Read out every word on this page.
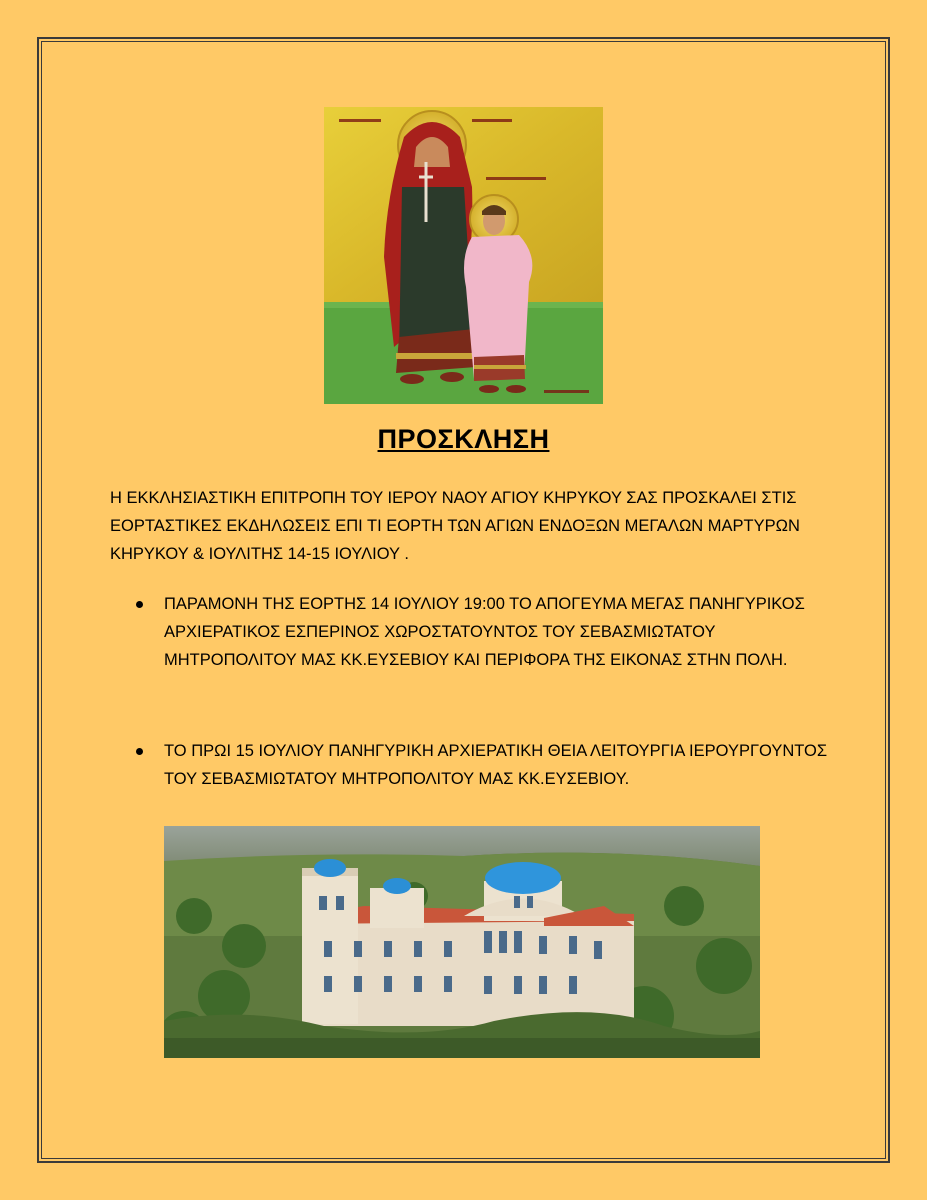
ΠΡΟΣΚΛΗΣΗ
Η ΕΚΚΛΗΣΙΑΣΤΙΚΗ ΕΠΙΤΡΟΠΗ ΤΟΥ ΙΕΡΟΥ ΝΑΟΥ ΑΓΙΟΥ ΚΗΡΥΚΟΥ ΣΑΣ ΠΡΟΣΚΑΛΕΙ ΣΤΙΣ ΕΟΡΤΑΣΤΙΚΕΣ ΕΚΔΗΛΩΣΕΙΣ ΕΠΙ ΤΙ ΕΟΡΤΗ ΤΩΝ ΑΓΙΩΝ ΕΝΔΟΞΩΝ ΜΕΓΑΛΩΝ ΜΑΡΤΥΡΩΝ ΚΗΡΥΚΟΥ & ΙΟΥΛΙΤΗΣ 14-15 ΙΟΥΛΙΟΥ .
ΠΑΡΑΜΟΝΗ ΤΗΣ ΕΟΡΤΗΣ 14 ΙΟΥΛΙΟΥ 19:00 ΤΟ ΑΠΟΓΕΥΜΑ ΜΕΓΑΣ ΠΑΝΗΓΥΡΙΚΟΣ ΑΡΧΙΕΡΑΤΙΚΟΣ ΕΣΠΕΡΙΝΟΣ ΧΩΡΟΣΤΑΤΟΥΝΤΟΣ ΤΟΥ ΣΕΒΑΣΜΙΩΤΑΤΟΥ ΜΗΤΡΟΠΟΛΙΤΟΥ ΜΑΣ ΚΚ.ΕΥΣΕΒΙΟΥ ΚΑΙ ΠΕΡΙΦΟΡΑ ΤΗΣ ΕΙΚΟΝΑΣ ΣΤΗΝ ΠΟΛΗ.
ΤΟ ΠΡΩΙ 15 ΙΟΥΛΙΟΥ ΠΑΝΗΓΥΡΙΚΗ ΑΡΧΙΕΡΑΤΙΚΗ ΘΕΙΑ ΛΕΙΤΟΥΡΓΙΑ ΙΕΡΟΥΡΓΟΥΝΤΟΣ ΤΟΥ ΣΕΒΑΣΜΙΩΤΑΤΟΥ ΜΗΤΡΟΠΟΛΙΤΟΥ ΜΑΣ ΚΚ.ΕΥΣΕΒΙΟΥ.
